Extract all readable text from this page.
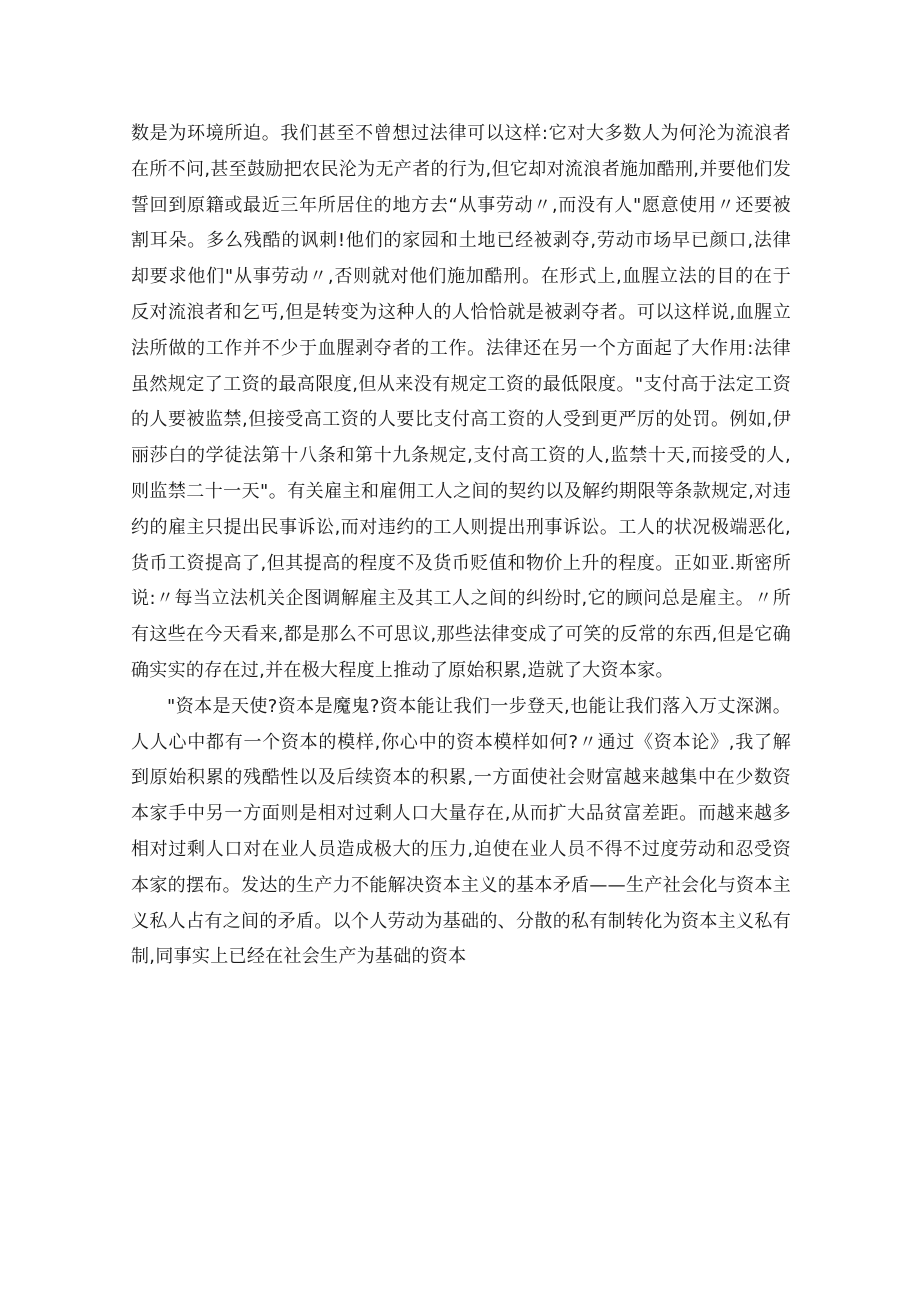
数是为环境所迫。我们甚至不曾想过法律可以这样:它对大多数人为何沦为流浪者在所不问,甚至鼓励把农民沦为无产者的行为,但它却对流浪者施加酷刑,并要他们发誓回到原籍或最近三年所居住的地方去“从事劳动〃,而没有人"愿意使用〃还要被割耳朵。多么残酷的讽刺!他们的家园和土地已经被剥夺,劳动市场早已颜口,法律却要求他们"从事劳动〃,否则就对他们施加酷刑。在形式上,血腥立法的目的在于反对流浪者和乞丐,但是转变为这种人的人恰恰就是被剥夺者。可以这样说,血腥立法所做的工作并不少于血腥剥夺者的工作。法律还在另一个方面起了大作用:法律虽然规定了工资的最高限度,但从来没有规定工资的最低限度。"支付高于法定工资的人要被监禁,但接受高工资的人要比支付高工资的人受到更严厉的处罚。例如,伊丽莎白的学徒法第十八条和第十九条规定,支付高工资的人,监禁十天,而接受的人,则监禁二十一天"。有关雇主和雇佣工人之间的契约以及解约期限等条款规定,对违约的雇主只提出民事诉讼,而对违约的工人则提出刑事诉讼。工人的状况极端恶化,货币工资提高了,但其提高的程度不及货币贬值和物价上升的程度。正如亚.斯密所说:〃每当立法机关企图调解雇主及其工人之间的纠纷时,它的顾问总是雇主。〃所有这些在今天看来,都是那么不可思议,那些法律变成了可笑的反常的东西,但是它确确实实的存在过,并在极大程度上推动了原始积累,造就了大资本家。

"资本是天使?资本是魔鬼?资本能让我们一步登天,也能让我们落入万丈深渊。人人心中都有一个资本的模样,你心中的资本模样如何?〃通过《资本论》,我了解到原始积累的残酷性以及后续资本的积累,一方面使社会财富越来越集中在少数资本家手中另一方面则是相对过剩人口大量存在,从而扩大品贫富差距。而越来越多相对过剩人口对在业人员造成极大的压力,迫使在业人员不得不过度劳动和忍受资本家的摆布。发达的生产力不能解决资本主义的基本矛盾——生产社会化与资本主义私人占有之间的矛盾。以个人劳动为基础的、分散的私有制转化为资本主义私有制,同事实上已经在社会生产为基础的资本
